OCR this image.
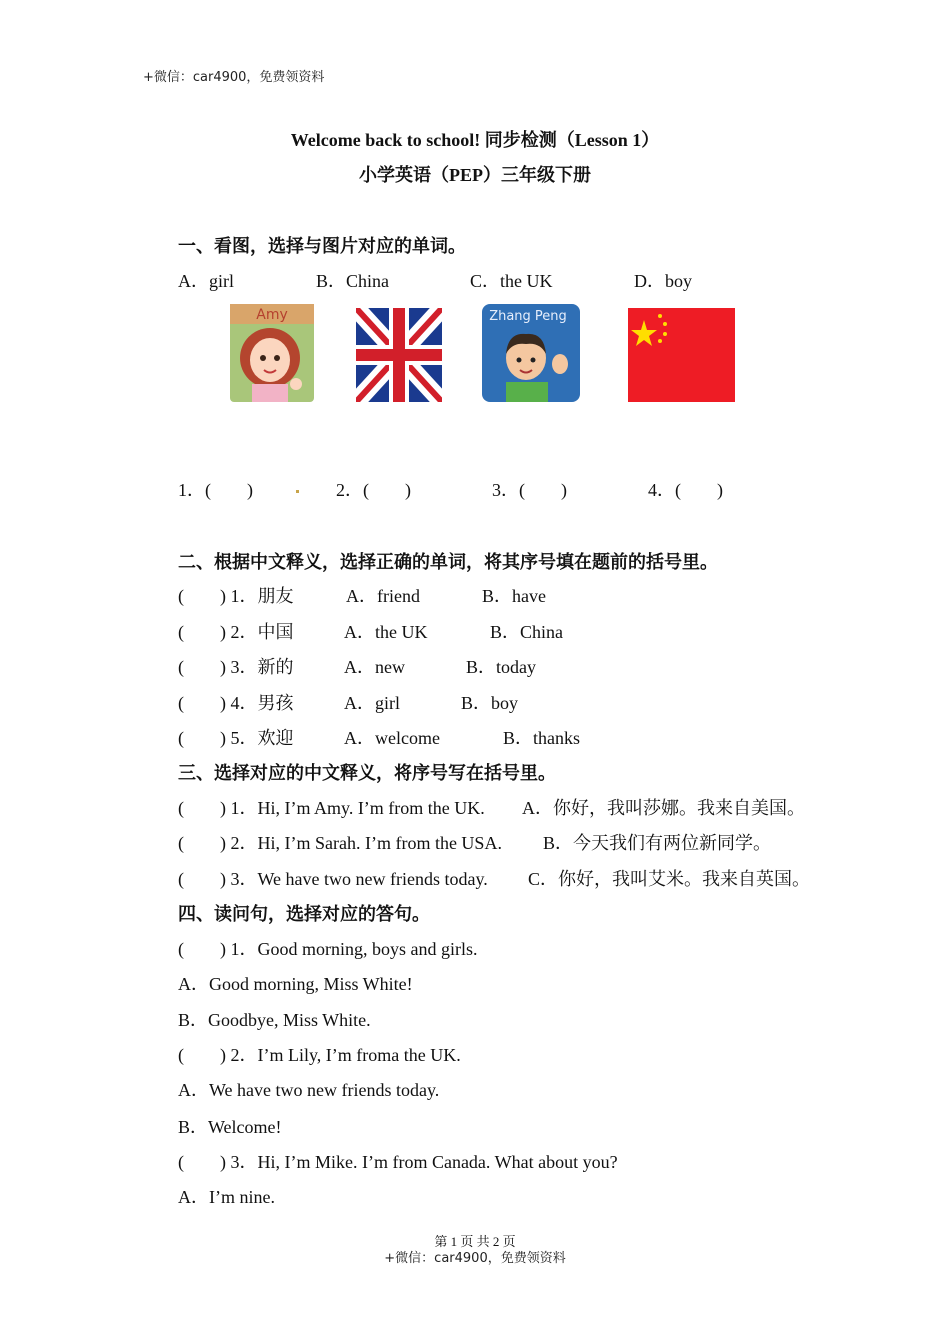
+微信：car4900，免费领资料
Welcome back to school! 同步检测（Lesson 1）
小学英语（PEP）三年级下册
一、看图，选择与图片对应的单词。
A．girl	B．China	C．the UK	D．boy
Amy	Zhang Peng
1．(　　)	2．(　　)	3．(　　)	4．(　　)
二、根据中文释义，选择正确的单词，将其序号填在题前的括号里。
(　　) 1．朋友	A．friend	B．have
(　　) 2．中国	A．the UK	B．China
(　　) 3．新的	A．new	B．today
(　　) 4．男孩	A．girl	B．boy
(　　) 5．欢迎	A．welcome	B．thanks
三、选择对应的中文释义，将序号写在括号里。
(　　) 1．Hi, I’m Amy. I’m from the UK. A．你好，我叫莎娜。我来自美国。
(　　) 2．Hi, I’m Sarah. I’m from the USA. B．今天我们有两位新同学。
(　　) 3．We have two new friends today. C．你好，我叫艾米。我来自英国。
四、读问句，选择对应的答句。
(　　) 1．Good morning, boys and girls.
A．Good morning, Miss White!
B．Goodbye, Miss White.
(　　) 2．I’m Lily, I’m froma the UK.
A．We have two new friends today.
B．Welcome!
(　　) 3．Hi, I’m Mike. I’m from Canada. What about you?
A．I’m nine.
第 1 页 共 2 页
+微信：car4900，免费领资料
